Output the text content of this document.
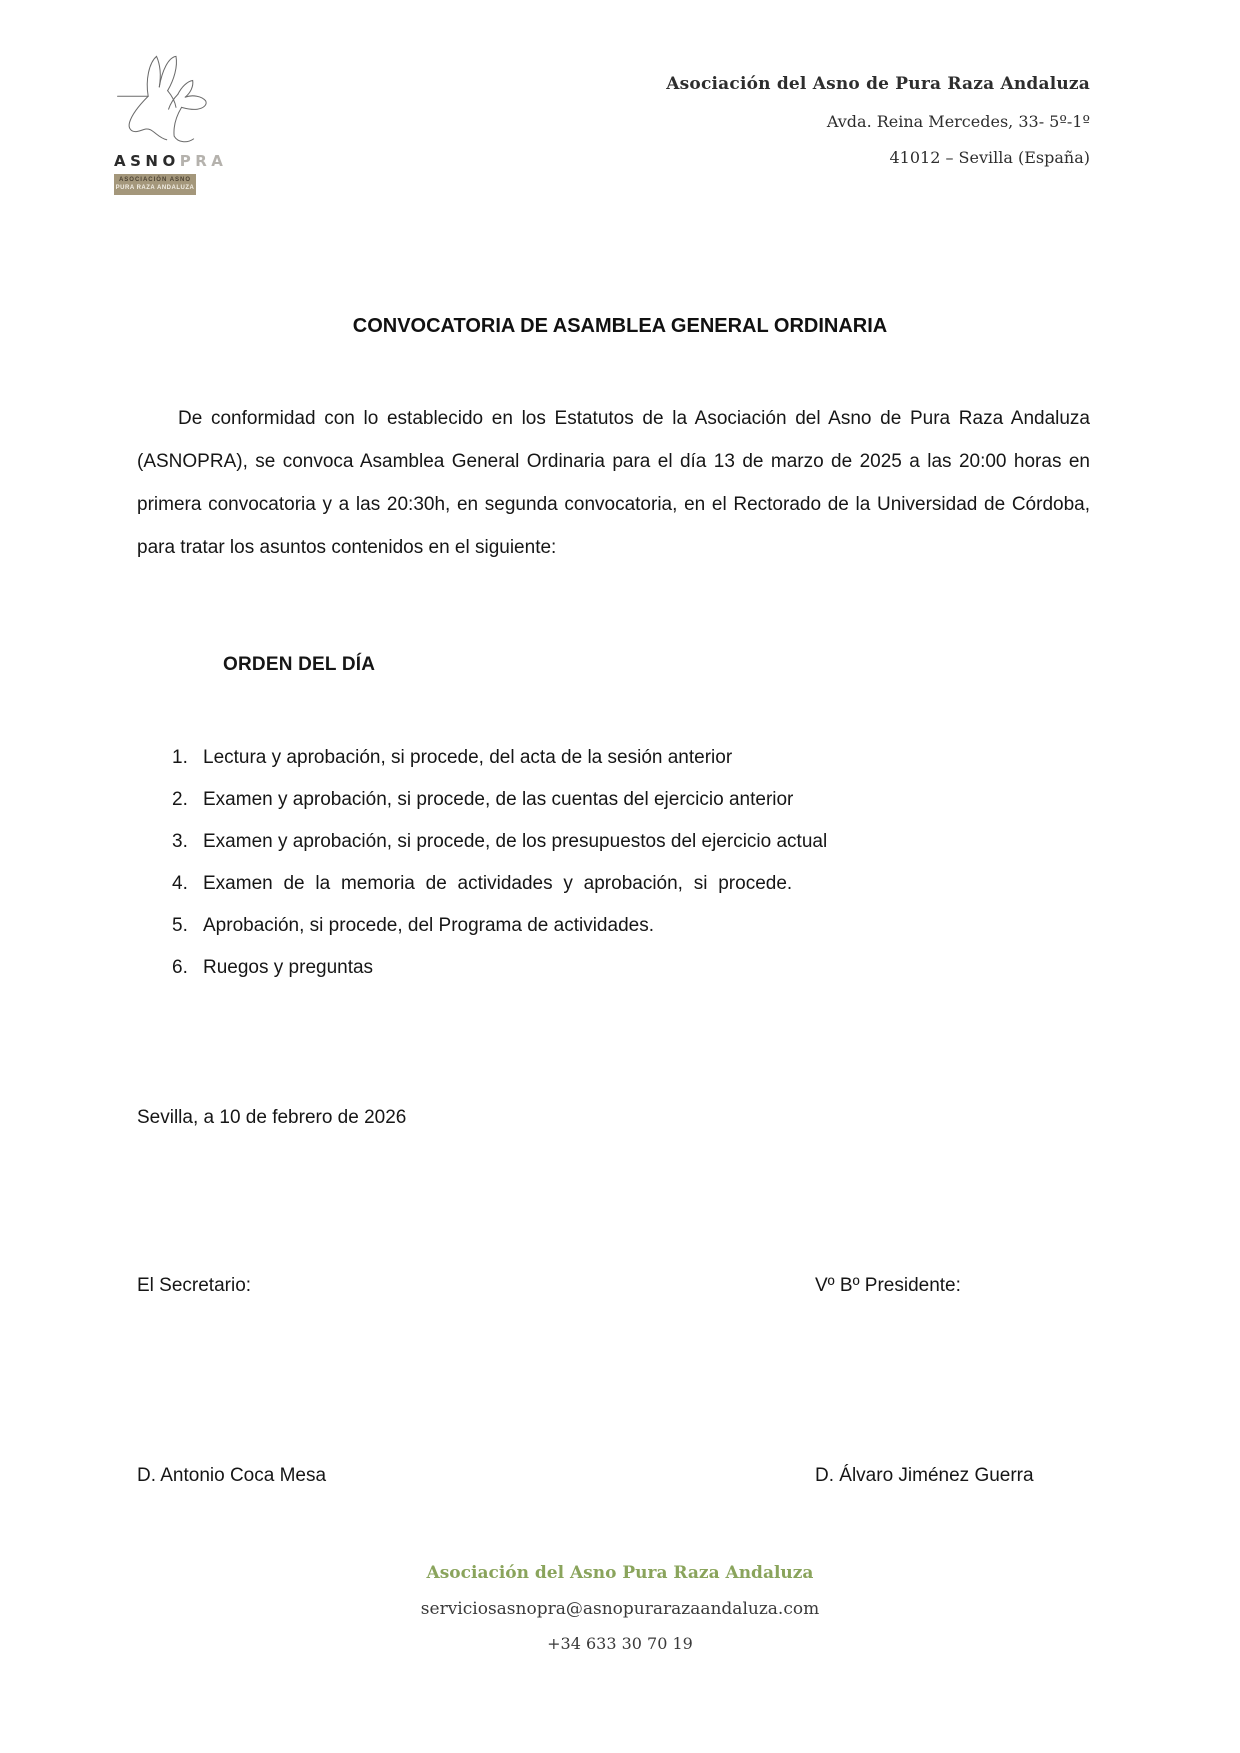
ASNOPRA
ASOCIACIÓN ASNO
PURA RAZA ANDALUZA
Asociación del Asno de Pura Raza Andaluza
Avda. Reina Mercedes, 33- 5º-1º
41012 – Sevilla (España)
CONVOCATORIA DE ASAMBLEA GENERAL ORDINARIA
De conformidad con lo establecido en los Estatutos de la Asociación del Asno de Pura Raza Andaluza (ASNOPRA), se convoca Asamblea General Ordinaria para el día 13 de marzo de 2025 a las 20:00 horas en primera convocatoria y a las 20:30h, en segunda convocatoria, en el Rectorado de la Universidad de Córdoba, para tratar los asuntos contenidos en el siguiente:
ORDEN DEL DÍA
1. Lectura y aprobación, si procede, del acta de la sesión anterior
2. Examen y aprobación, si procede, de las cuentas del ejercicio anterior
3. Examen y aprobación, si procede, de los presupuestos del ejercicio actual
4. Examen de la memoria de actividades y aprobación, si procede.
5. Aprobación, si procede, del Programa de actividades.
6. Ruegos y preguntas
Sevilla, a 10 de febrero de 2026
El Secretario:	Vº Bº Presidente:
D. Antonio Coca Mesa	D. Álvaro Jiménez Guerra
Asociación del Asno Pura Raza Andaluza
serviciosasnopra@asnopurarazaandaluza.com
+34 633 30 70 19
